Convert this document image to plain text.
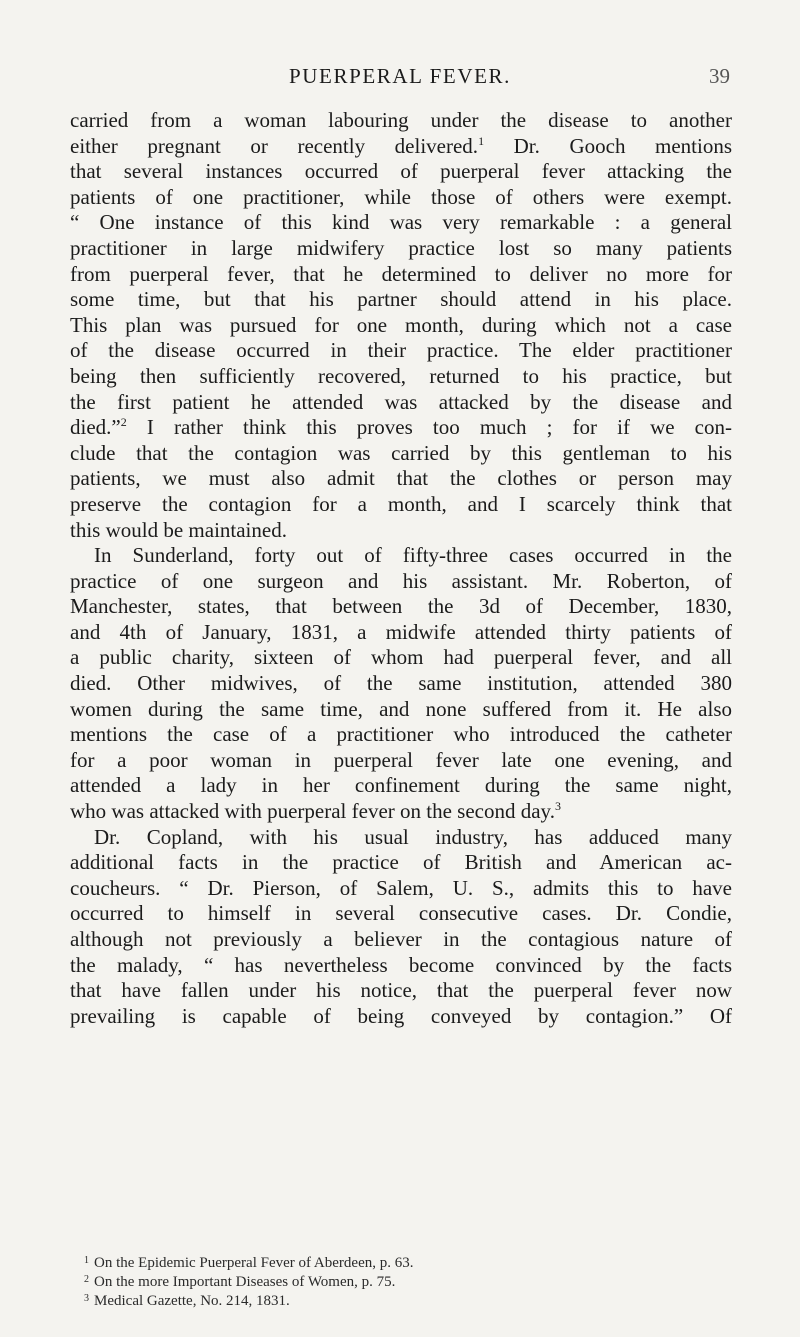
PUERPERAL FEVER.	39

carried from a woman labouring under the disease to another
either pregnant or recently delivered.$^1$ Dr. Gooch mentions
that several instances occurred of puerperal fever attacking the
patients of one practitioner, while those of others were exempt.
“ One instance of this kind was very remarkable : a general
practitioner in large midwifery practice lost so many patients
from puerperal fever, that he determined to deliver no more for
some time, but that his partner should attend in his place.
This plan was pursued for one month, during which not a case
of the disease occurred in their practice. The elder practitioner
being then sufficiently recovered, returned to his practice, but
the first patient he attended was attacked by the disease and
died.”$^2$ I rather think this proves too much ; for if we con-
clude that the contagion was carried by this gentleman to his
patients, we must also admit that the clothes or person may
preserve the contagion for a month, and I scarcely think that
this would be maintained.

In Sunderland, forty out of fifty-three cases occurred in the
practice of one surgeon and his assistant. Mr. Roberton, of
Manchester, states, that between the 3d of December, 1830,
and 4th of January, 1831, a midwife attended thirty patients of
a public charity, sixteen of whom had puerperal fever, and all
died. Other midwives, of the same institution, attended 380
women during the same time, and none suffered from it. He also
mentions the case of a practitioner who introduced the catheter
for a poor woman in puerperal fever late one evening, and
attended a lady in her confinement during the same night,
who was attacked with puerperal fever on the second day.$^3$

Dr. Copland, with his usual industry, has adduced many
additional facts in the practice of British and American ac-
coucheurs. “ Dr. Pierson, of Salem, U. S., admits this to have
occurred to himself in several consecutive cases. Dr. Condie,
although not previously a believer in the contagious nature of
the malady, “ has nevertheless become convinced by the facts
that have fallen under his notice, that the puerperal fever now
prevailing is capable of being conveyed by contagion.” Of

1 On the Epidemic Puerperal Fever of Aberdeen, p. 63.
2 On the more Important Diseases of Women, p. 75.
3 Medical Gazette, No. 214, 1831.
